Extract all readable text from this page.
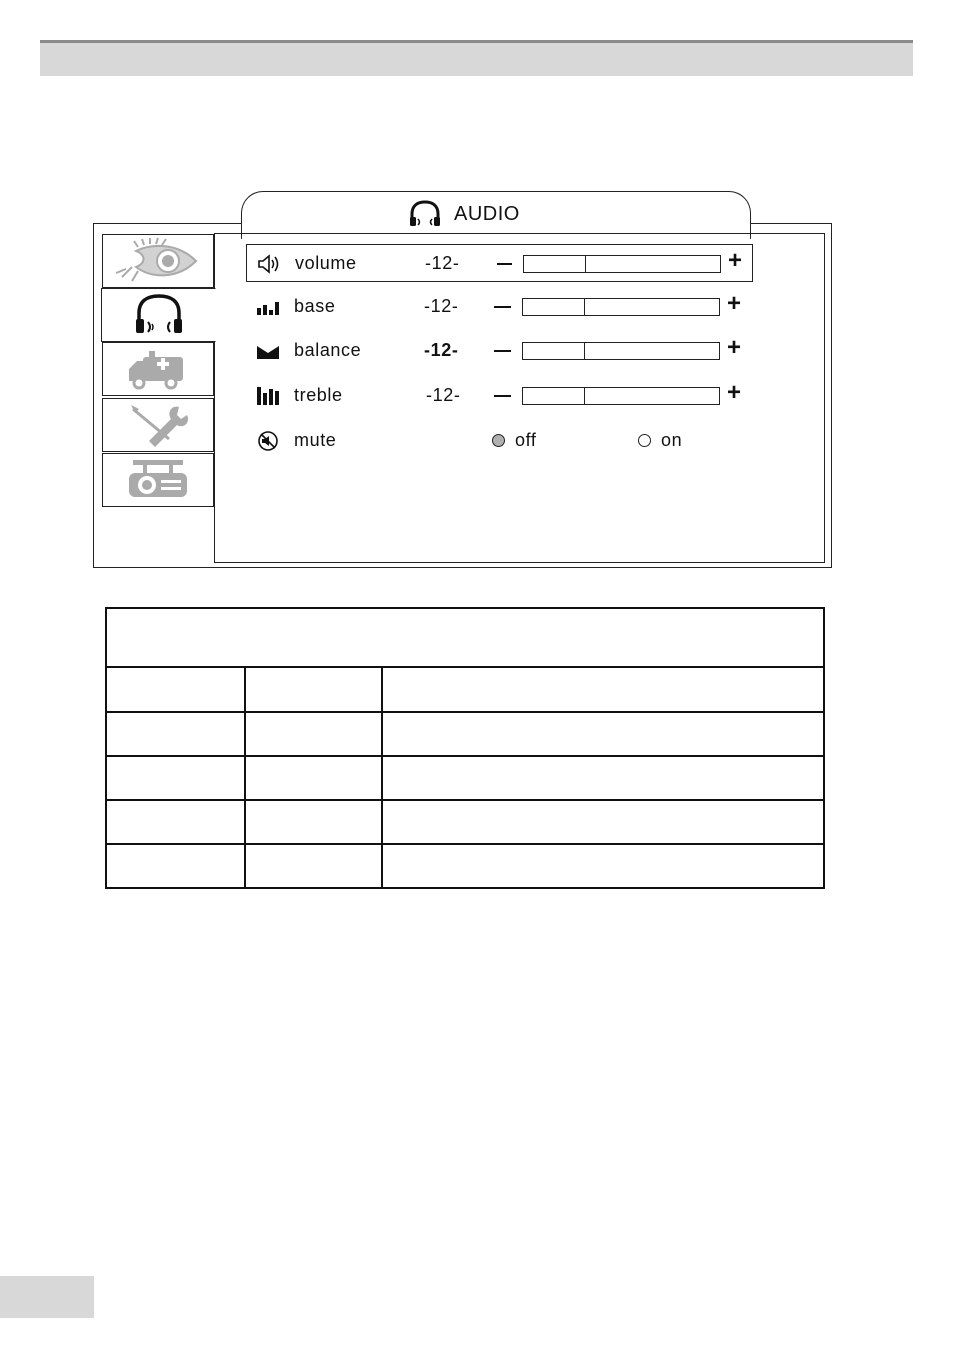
AUDIO
volume	-12-	+
base	-12-	+
balance	-12-	+
treble	-12-	+
mute	off	on
